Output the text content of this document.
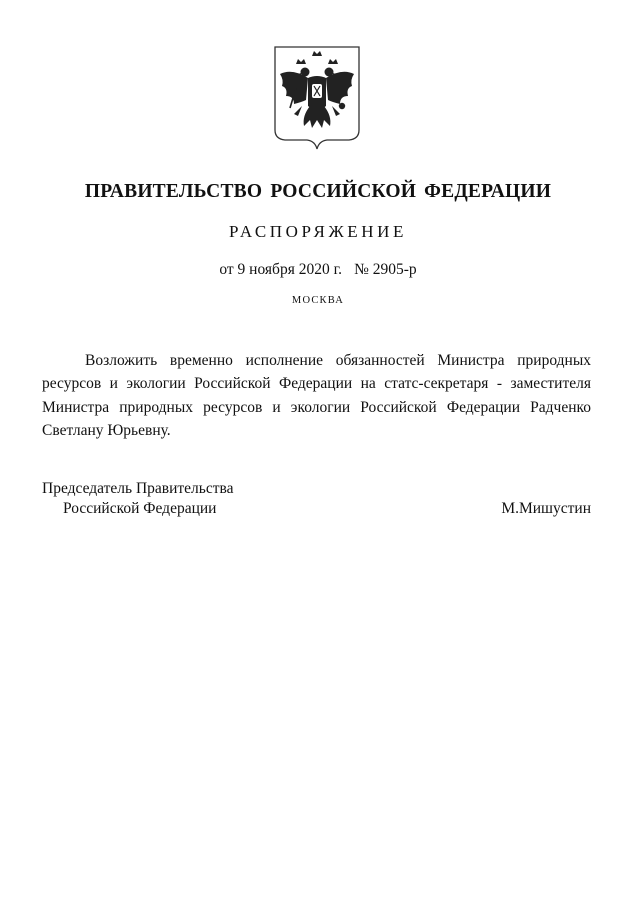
ПРАВИТЕЛЬСТВО РОССИЙСКОЙ ФЕДЕРАЦИИ
РАСПОРЯЖЕНИЕ
от 9 ноября 2020 г. № 2905-р
МОСКВА
Возложить временно исполнение обязанностей Министра природных ресурсов и экологии Российской Федерации на статс-секретаря - заместителя Министра природных ресурсов и экологии Российской Федерации Радченко Светлану Юрьевну.
Председатель Правительства
Российской Федерации	М.Мишустин
